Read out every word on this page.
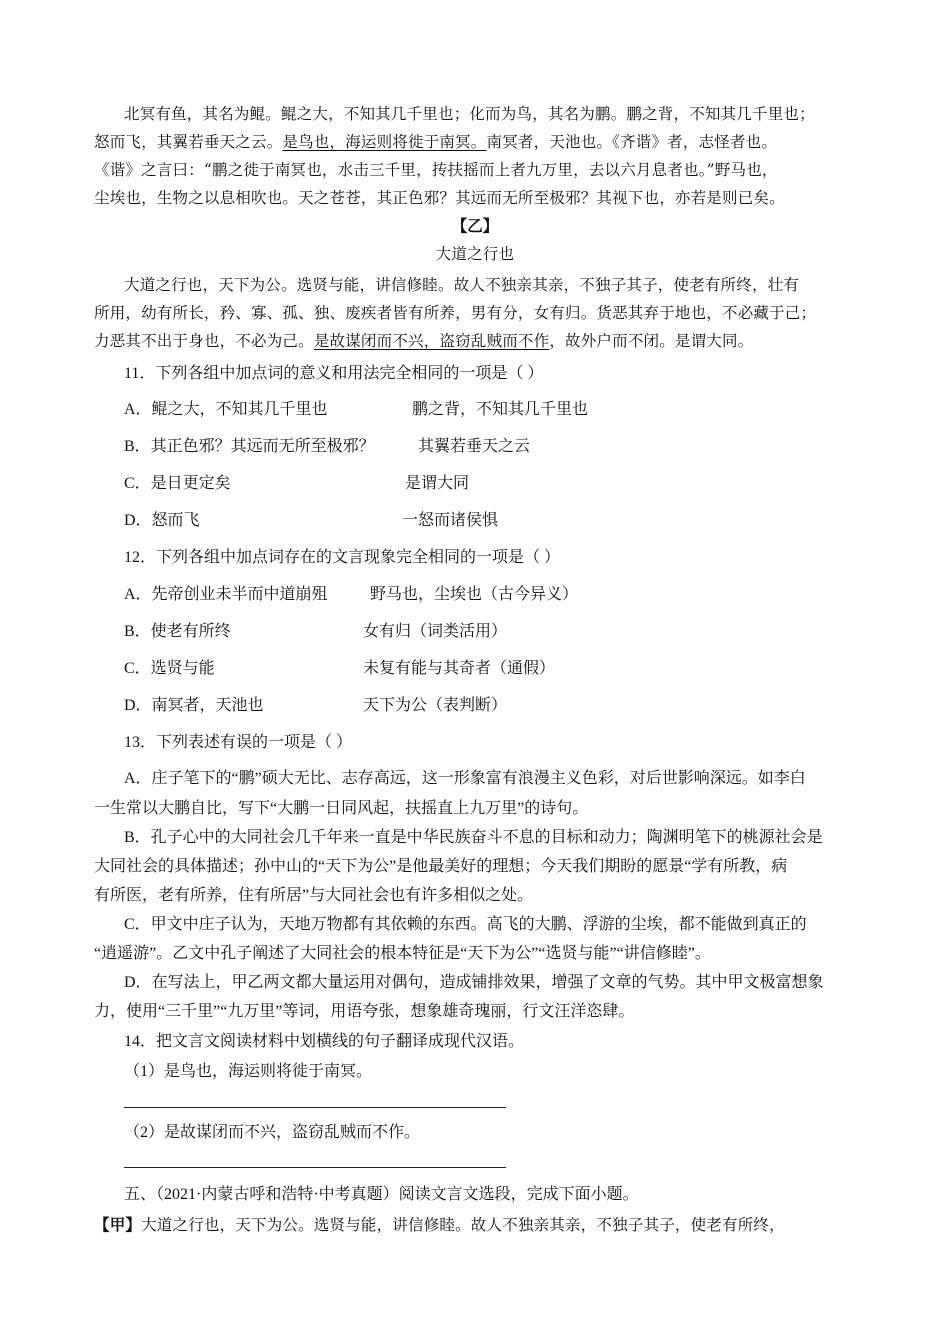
北冥有鱼，其名为鲲。鲲之大，不知其几千里也；化而为鸟，其名为鹏。鹏之背，不知其几千里也；
怒而飞，其翼若垂天之云。是鸟也，海运则将徙于南冥。南冥者，天池也。《齐谐》者，志怪者也。
《谐》之言曰：“鹏之徙于南冥也，水击三千里，抟扶摇而上者九万里，去以六月息者也。”野马也，
尘埃也，生物之以息相吹也。天之苍苍，其正色邪？其远而无所至极邪？其视下也，亦若是则已矣。
【乙】
大道之行也
大道之行也，天下为公。选贤与能，讲信修睦。故人不独亲其亲，不独子其子，使老有所终，壮有
所用，幼有所长，矜、寡、孤、独、废疾者皆有所养，男有分，女有归。货恶其弃于地也，不必藏于己；
力恶其不出于身也，不必为己。是故谋闭而不兴，盗窃乱贼而不作，故外户而不闭。是谓大同。
11．下列各组中加点词的意义和用法完全相同的一项是（ ）
A．鲲之大，不知其几千里也	鹏之背，不知其几千里也
B．其正色邪？其远而无所至极邪？	其翼若垂天之云
C．是日更定矣	是谓大同
D．怒而飞	一怒而诸侯惧
12．下列各组中加点词存在的文言现象完全相同的一项是（ ）
A．先帝创业未半而中道崩殂	野马也，尘埃也（古今异义）
B．使老有所终	女有归（词类活用）
C．选贤与能	未复有能与其奇者（通假）
D．南冥者，天池也	天下为公（表判断）
13．下列表述有误的一项是（ ）
A．庄子笔下的“鹏”硕大无比、志存高远，这一形象富有浪漫主义色彩，对后世影响深远。如李白
一生常以大鹏自比，写下“大鹏一日同风起，扶摇直上九万里”的诗句。
B．孔子心中的大同社会几千年来一直是中华民族奋斗不息的目标和动力；陶渊明笔下的桃源社会是
大同社会的具体描述；孙中山的“天下为公”是他最美好的理想；今天我们期盼的愿景“学有所教，病
有所医，老有所养，住有所居”与大同社会也有许多相似之处。
C．甲文中庄子认为，天地万物都有其依赖的东西。高飞的大鹏、浮游的尘埃，都不能做到真正的
“逍遥游”。乙文中孔子阐述了大同社会的根本特征是“天下为公”“选贤与能”“讲信修睦”。
D．在写法上，甲乙两文都大量运用对偶句，造成铺排效果，增强了文章的气势。其中甲文极富想象
力，使用“三千里”“九万里”等词，用语夸张，想象雄奇瑰丽，行文汪洋恣肆。
14．把文言文阅读材料中划横线的句子翻译成现代汉语。
（1）是鸟也，海运则将徙于南冥。
（2）是故谋闭而不兴，盗窃乱贼而不作。
五、（2021·内蒙古呼和浩特·中考真题）阅读文言文选段，完成下面小题。
【甲】大道之行也，天下为公。选贤与能，讲信修睦。故人不独亲其亲，不独子其子，使老有所终，
